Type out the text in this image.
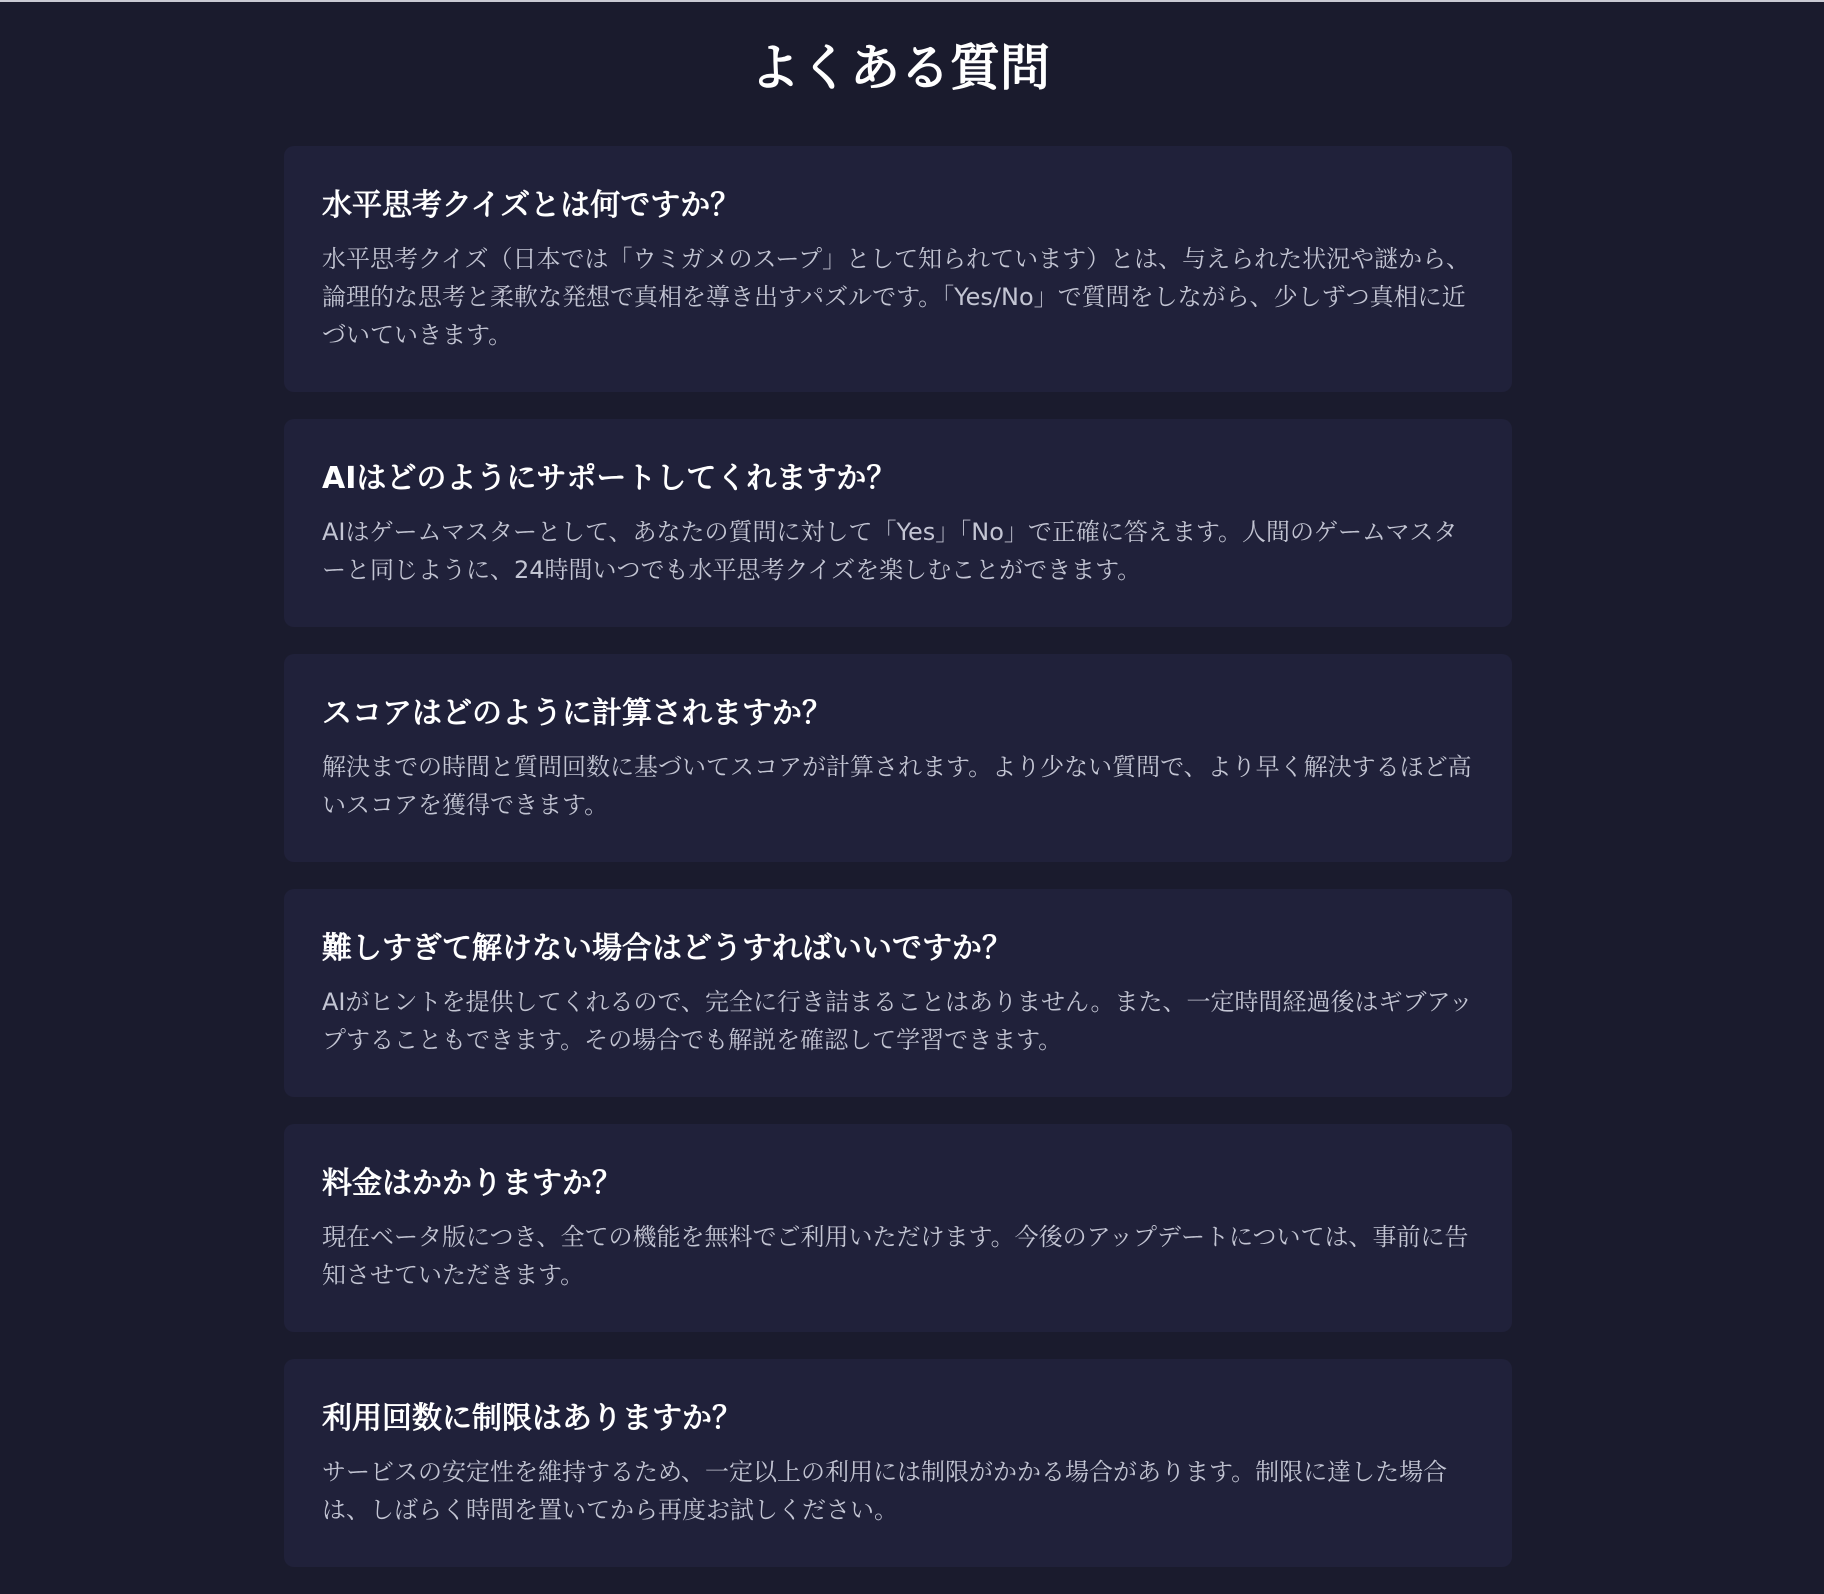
よくある質問
水平思考クイズとは何ですか？

水平思考クイズ（日本では「ウミガメのスープ」として知られています）とは、与えられた状況や謎から、論理的な思考と柔軟な発想で真相を導き出すパズルです。「Yes/No」で質問をしながら、少しずつ真相に近づいていきます。

AIはどのようにサポートしてくれますか？

AIはゲームマスターとして、あなたの質問に対して「Yes」「No」で正確に答えます。人間のゲームマスターと同じように、24時間いつでも水平思考クイズを楽しむことができます。

スコアはどのように計算されますか？

解決までの時間と質問回数に基づいてスコアが計算されます。より少ない質問で、より早く解決するほど高いスコアを獲得できます。

難しすぎて解けない場合はどうすればいいですか？

AIがヒントを提供してくれるので、完全に行き詰まることはありません。また、一定時間経過後はギブアップすることもできます。その場合でも解説を確認して学習できます。

料金はかかりますか？

現在ベータ版につき、全ての機能を無料でご利用いただけます。今後のアップデートについては、事前に告知させていただきます。

利用回数に制限はありますか？

サービスの安定性を維持するため、一定以上の利用には制限がかかる場合があります。制限に達した場合は、しばらく時間を置いてから再度お試しください。
